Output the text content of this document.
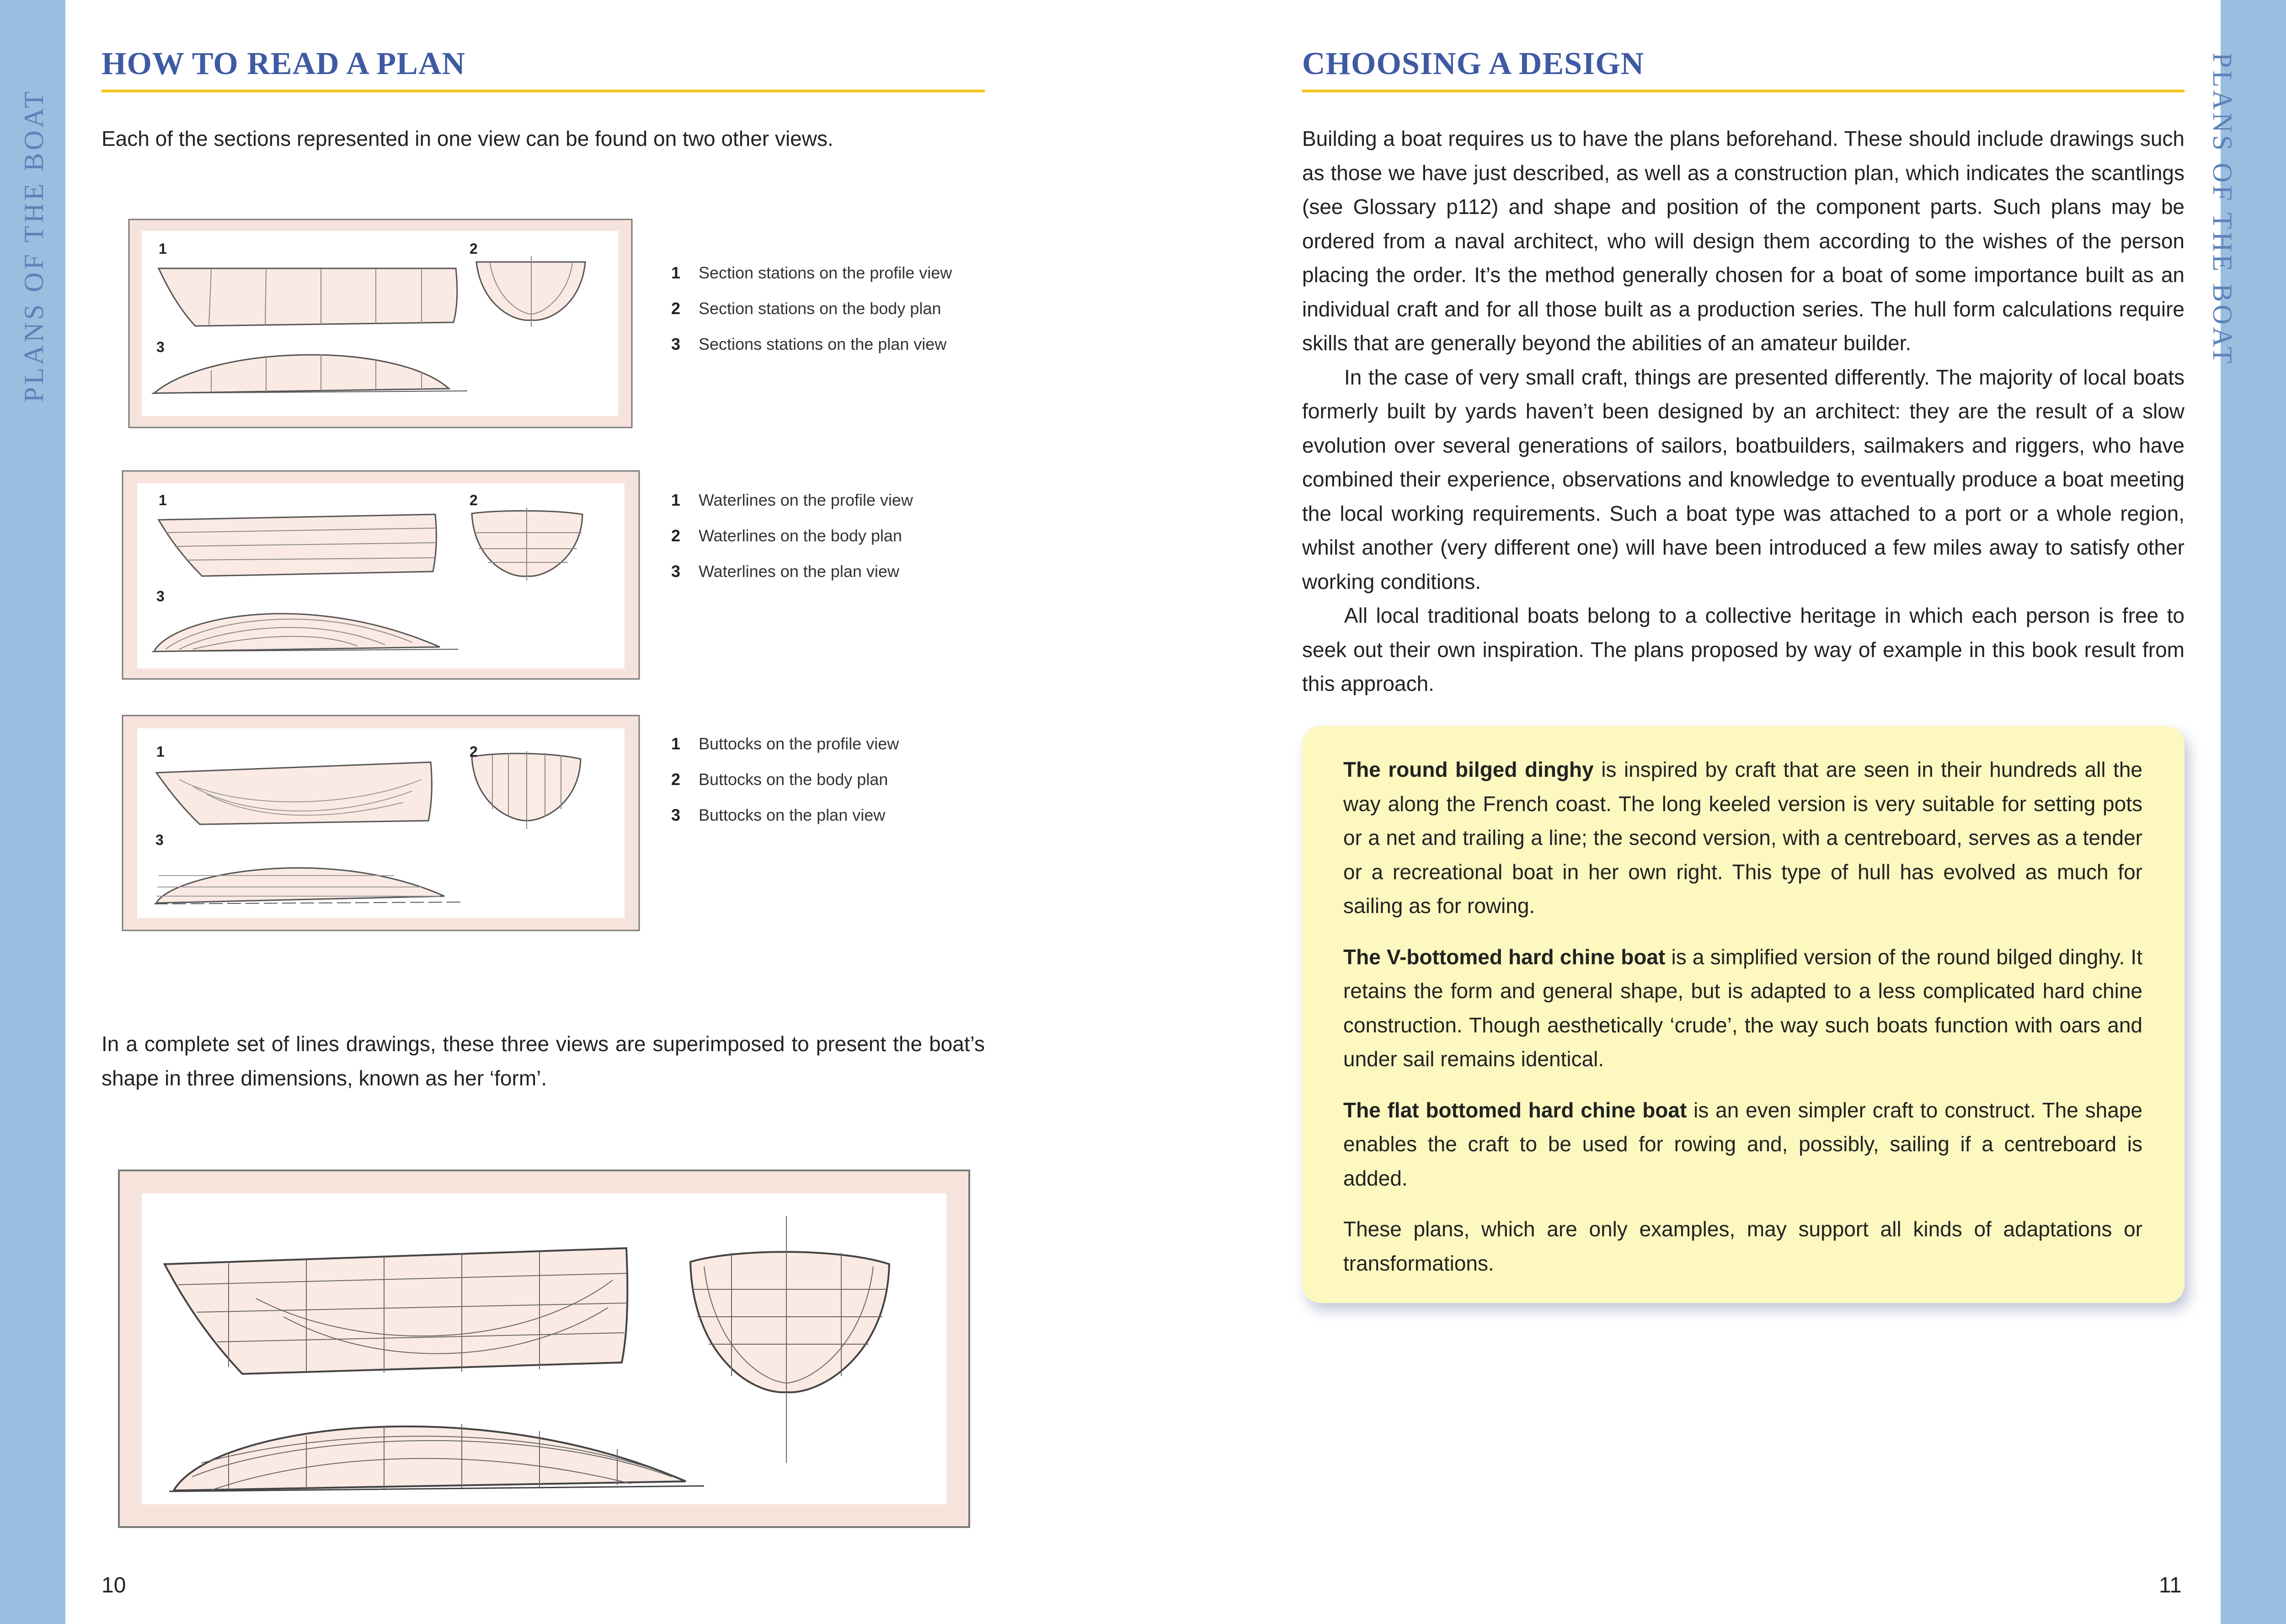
PLANS OF THE BOAT	PLANS OF THE BOAT
HOW TO READ A PLAN
Each of the sections represented in one view can be found on two other views.
1	2
3
1	Section stations on the profile view
2	Section stations on the body plan
3	Sections stations on the plan view
1	2
3
1	Waterlines on the profile view
2	Waterlines on the body plan
3	Waterlines on the plan view
1	2
3
1	Buttocks on the profile view
2	Buttocks on the body plan
3	Buttocks on the plan view
In a complete set of lines drawings, these three views are superimposed to present the boat’s shape in three dimensions, known as her ‘form’.
10
CHOOSING A DESIGN

Building a boat requires us to have the plans beforehand. These should include drawings such as those we have just described, as well as a construction plan, which indicates the scantlings (see Glossary p112) and shape and position of the component parts. Such plans may be ordered from a naval architect, who will design them according to the wishes of the person placing the order. It’s the method generally chosen for a boat of some importance built as an individual craft and for all those built as a production series. The hull form calculations require skills that are generally beyond the abilities of an amateur builder.

In the case of very small craft, things are presented differently. The majority of local boats formerly built by yards haven’t been designed by an architect: they are the result of a slow evolution over several generations of sailors, boatbuilders, sailmakers and riggers, who have combined their experience, observations and knowledge to eventually produce a boat meeting the local working requirements. Such a boat type was attached to a port or a whole region, whilst another (very different one) will have been introduced a few miles away to satisfy other working conditions.

All local traditional boats belong to a collective heritage in which each person is free to seek out their own inspiration. The plans proposed by way of example in this book result from this approach.

The round bilged dinghy is inspired by craft that are seen in their hundreds all the way along the French coast. The long keeled version is very suitable for setting pots or a net and trailing a line; the second version, with a centreboard, serves as a tender or a recreational boat in her own right. This type of hull has evolved as much for sailing as for rowing.

The V-bottomed hard chine boat is a simplified version of the round bilged dinghy. It retains the form and general shape, but is adapted to a less complicated hard chine construction. Though aesthetically ‘crude’, the way such boats function with oars and under sail remains identical.

The flat bottomed hard chine boat is an even simpler craft to construct. The shape enables the craft to be used for rowing and, possibly, sailing if a centreboard is added.

These plans, which are only examples, may support all kinds of adaptations or transformations.

11
